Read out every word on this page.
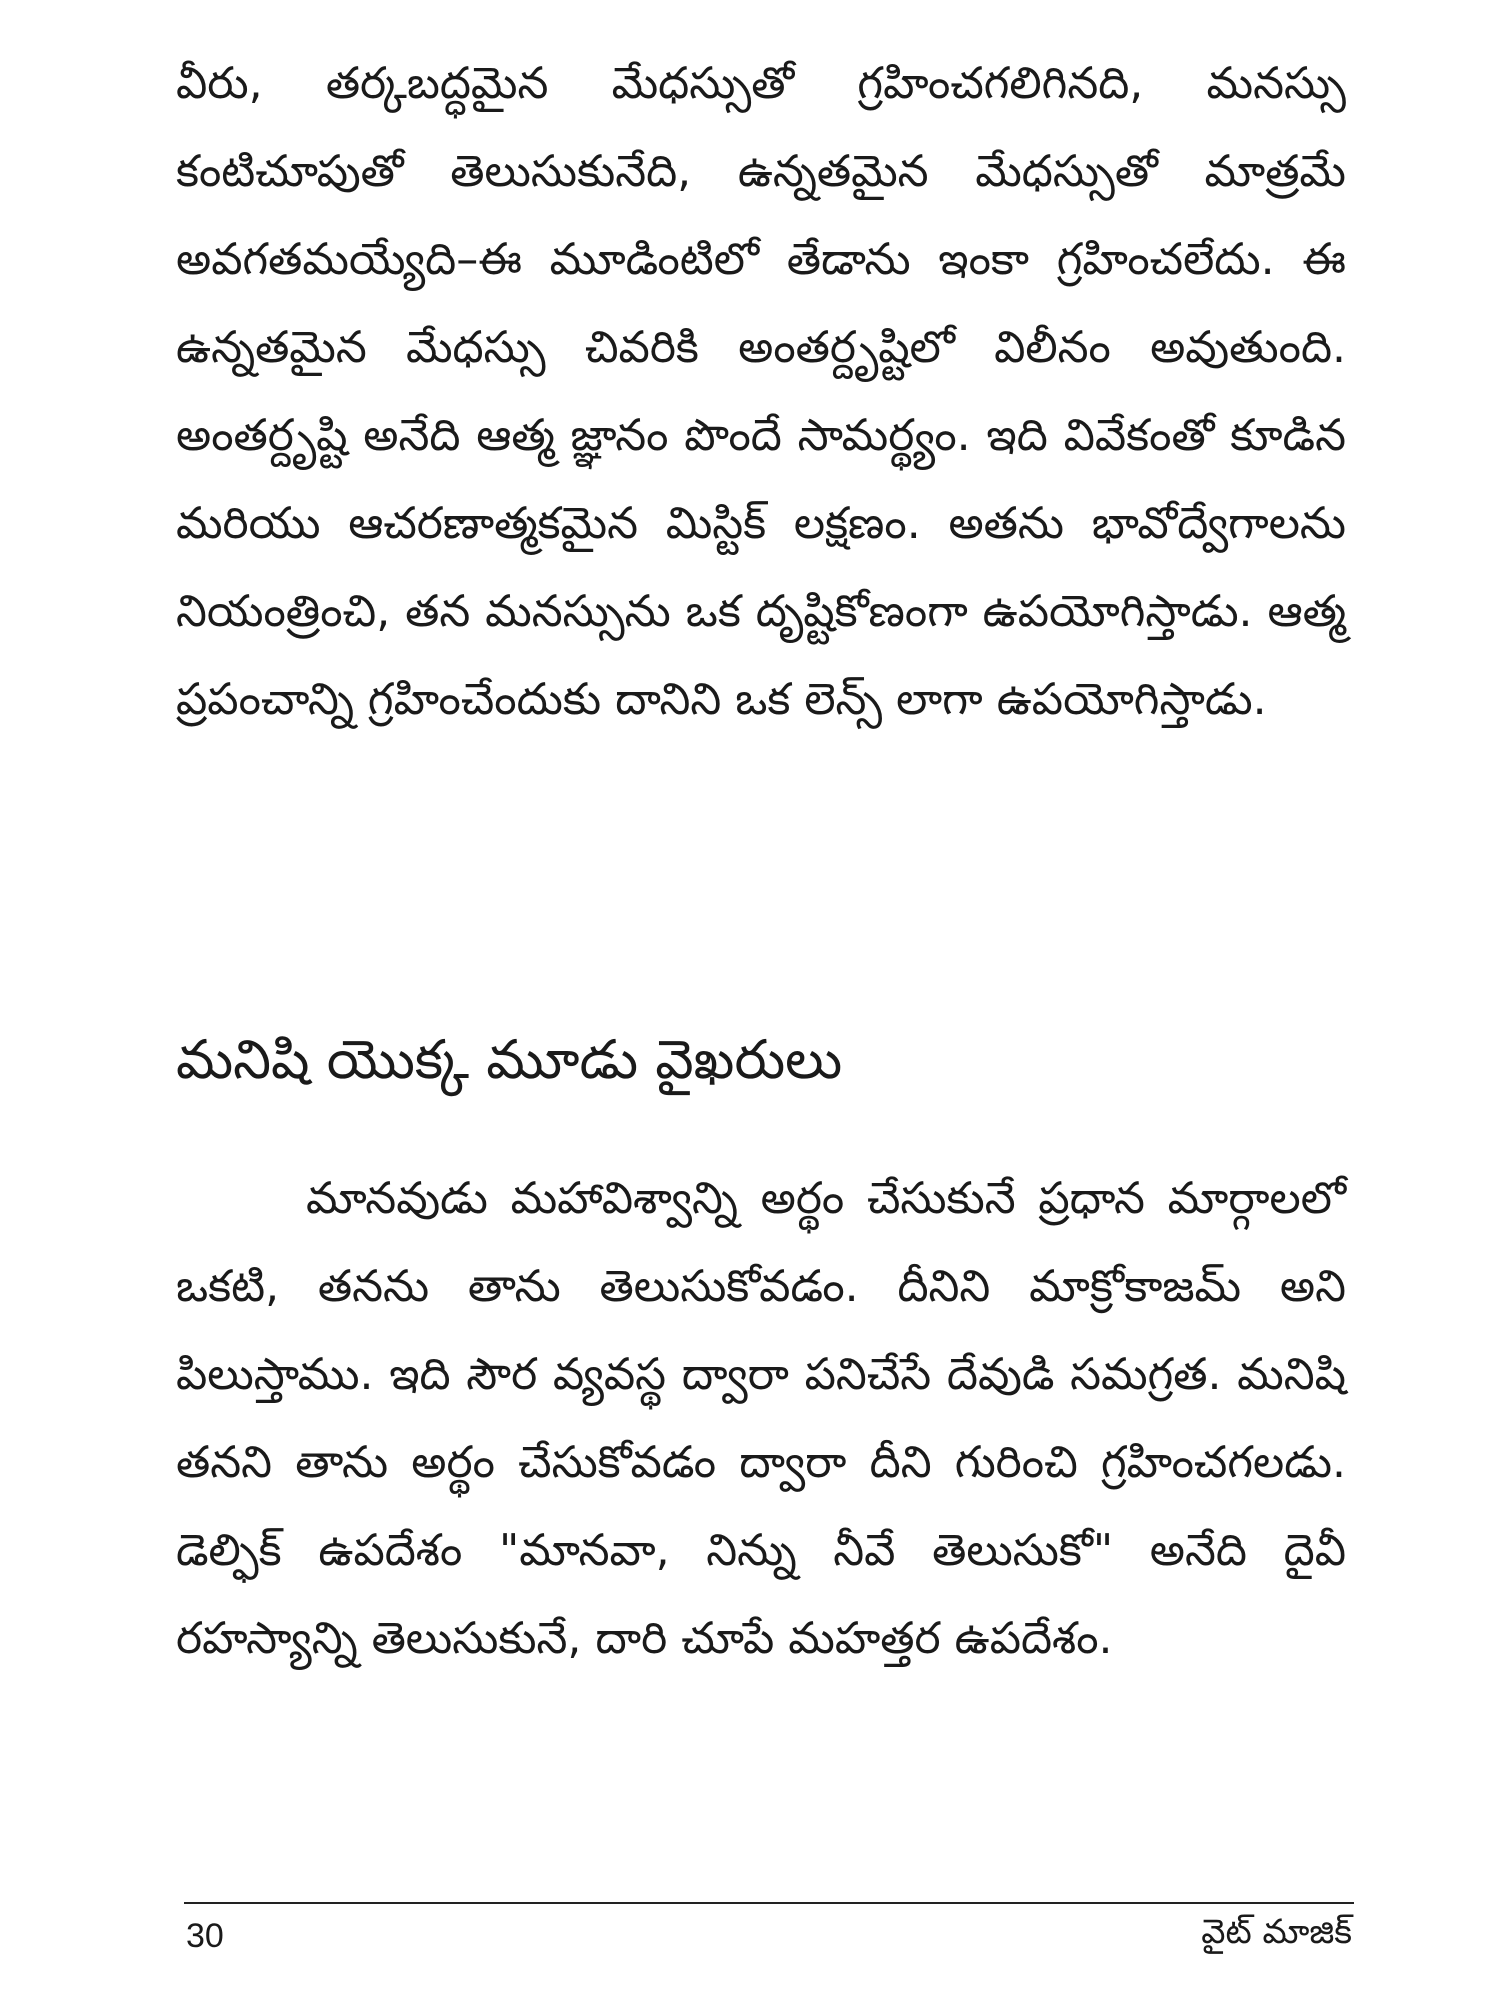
వీరు, తర్కబద్ధమైన మేధస్సుతో గ్రహించగలిగినది, మనస్సు కంటిచూపుతో తెలుసుకునేది, ఉన్నతమైన మేధస్సుతో మాత్రమే అవగతమయ్యేది–ఈ మూడింటిలో తేడాను ఇంకా గ్రహించలేదు. ఈ ఉన్నతమైన మేధస్సు చివరికి అంతర్దృష్టిలో విలీనం అవుతుంది. అంతర్దృష్టి అనేది ఆత్మ జ్ఞానం పొందే సామర్థ్యం. ఇది వివేకంతో కూడిన మరియు ఆచరణాత్మకమైన మిస్టిక్ లక్షణం. అతను భావోద్వేగాలను నియంత్రించి, తన మనస్సును ఒక దృష్టికోణంగా ఉపయోగిస్తాడు. ఆత్మ ప్రపంచాన్ని గ్రహించేందుకు దానిని ఒక లెన్స్ లాగా ఉపయోగిస్తాడు.

మనిషి యొక్క మూడు వైఖరులు

మానవుడు మహావిశ్వాన్ని అర్థం చేసుకునే ప్రధాన మార్గాలలో ఒకటి, తనను తాను తెలుసుకోవడం. దీనిని మాక్రోకాజమ్ అని పిలుస్తాము. ఇది సౌర వ్యవస్థ ద్వారా పనిచేసే దేవుడి సమగ్రత. మనిషి తనని తాను అర్థం చేసుకోవడం ద్వారా దీని గురించి గ్రహించగలడు. డెల్ఫిక్ ఉపదేశం "మానవా, నిన్ను నీవే తెలుసుకో" అనేది దైవీ రహస్యాన్ని తెలుసుకునే, దారి చూపే మహత్తర ఉపదేశం.

30	వైట్ మాజిక్
